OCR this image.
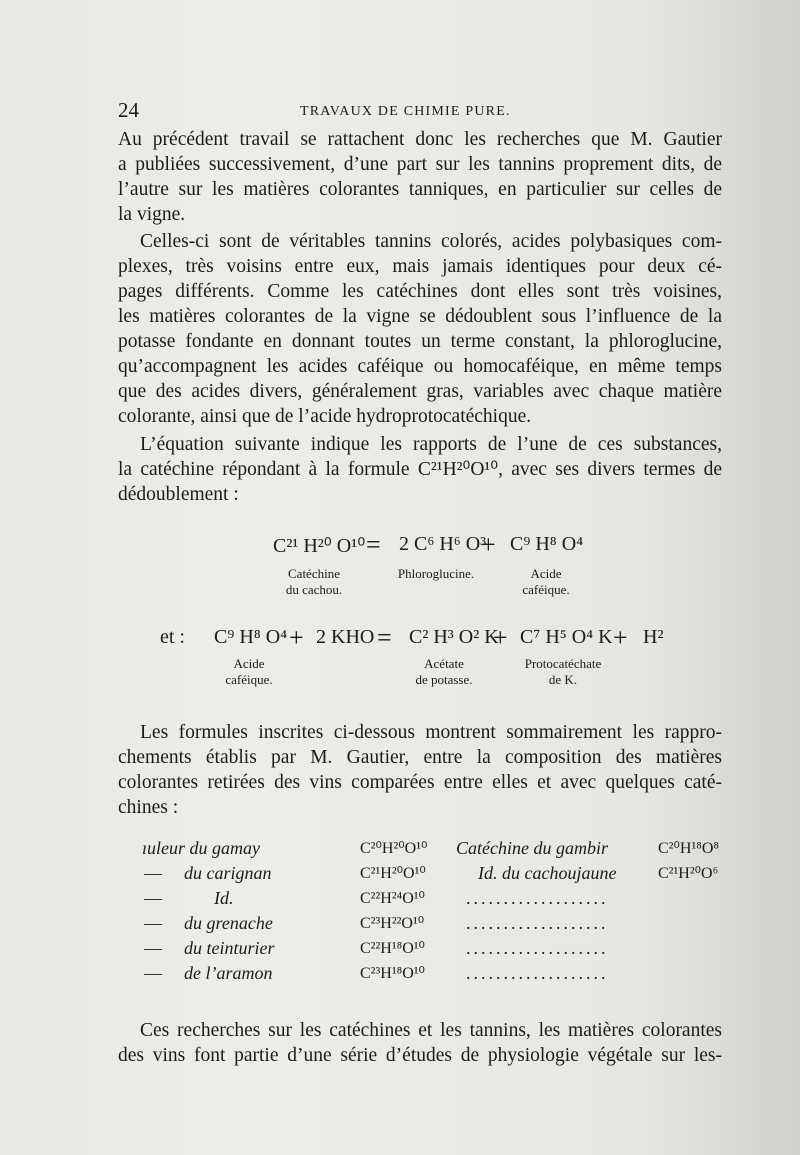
24	TRAVAUX DE CHIMIE PURE.

Au précédent travail se rattachent donc les recherches que M. Gautier
a publiées successivement, d’une part sur les tannins proprement dits, de
l’autre sur les matières colorantes tanniques, en particulier sur celles de
la vigne.

Celles-ci sont de véritables tannins colorés, acides polybasiques com-
plexes, très voisins entre eux, mais jamais identiques pour deux cé-
pages différents. Comme les catéchines dont elles sont très voisines,
les matières colorantes de la vigne se dédoublent sous l’influence de la
potasse fondante en donnant toutes un terme constant, la phloroglucine,
qu’accompagnent les acides caféique ou homocaféique, en même temps
que des acides divers, généralement gras, variables avec chaque matière
colorante, ainsi que de l’acide hydroprotocatéchique.

L’équation suivante indique les rapports de l’une de ces substances,
la catéchine répondant à la formule C²¹H²⁰O¹⁰, avec ses divers termes de
dédoublement :

C²¹ H²⁰ O¹⁰ = 2 C⁶ H⁶ O³
+ C⁹ H⁸ O⁴
Catéchine
du cachou.
Phloroglucine.	Acide
caféique.
et : C⁹ H⁸ O⁴ + 2 KHO = C² H³ O² K
+ C⁷ H⁵ O⁴ K + H²
Acide
caféique.
Acétate
de potasse.
Protocatéchate
de K.

Les formules inscrites ci-dessous montrent sommairement les rappro-
chements établis par M. Gautier, entre la composition des matières
colorantes retirées des vins comparées entre elles et avec quelques caté-
chines :

ıuleur du gamay	C²⁰H²⁰O¹⁰ Catéchine du gambir	C²⁰H¹⁸O⁸
— du carignan	C²¹H²⁰O¹⁰	Id. du cachoujaune	C²¹H²⁰O⁶
—	Id.	C²²H²⁴O¹⁰ ...................
— du grenache	C²³H²²O¹⁰ ...................
— du teinturier	C²²H¹⁸O¹⁰ ...................
— de l’aramon	C²³H¹⁸O¹⁰ ...................

Ces recherches sur les catéchines et les tannins, les matières colorantes
des vins font partie d’une série d’études de physiologie végétale sur les-
